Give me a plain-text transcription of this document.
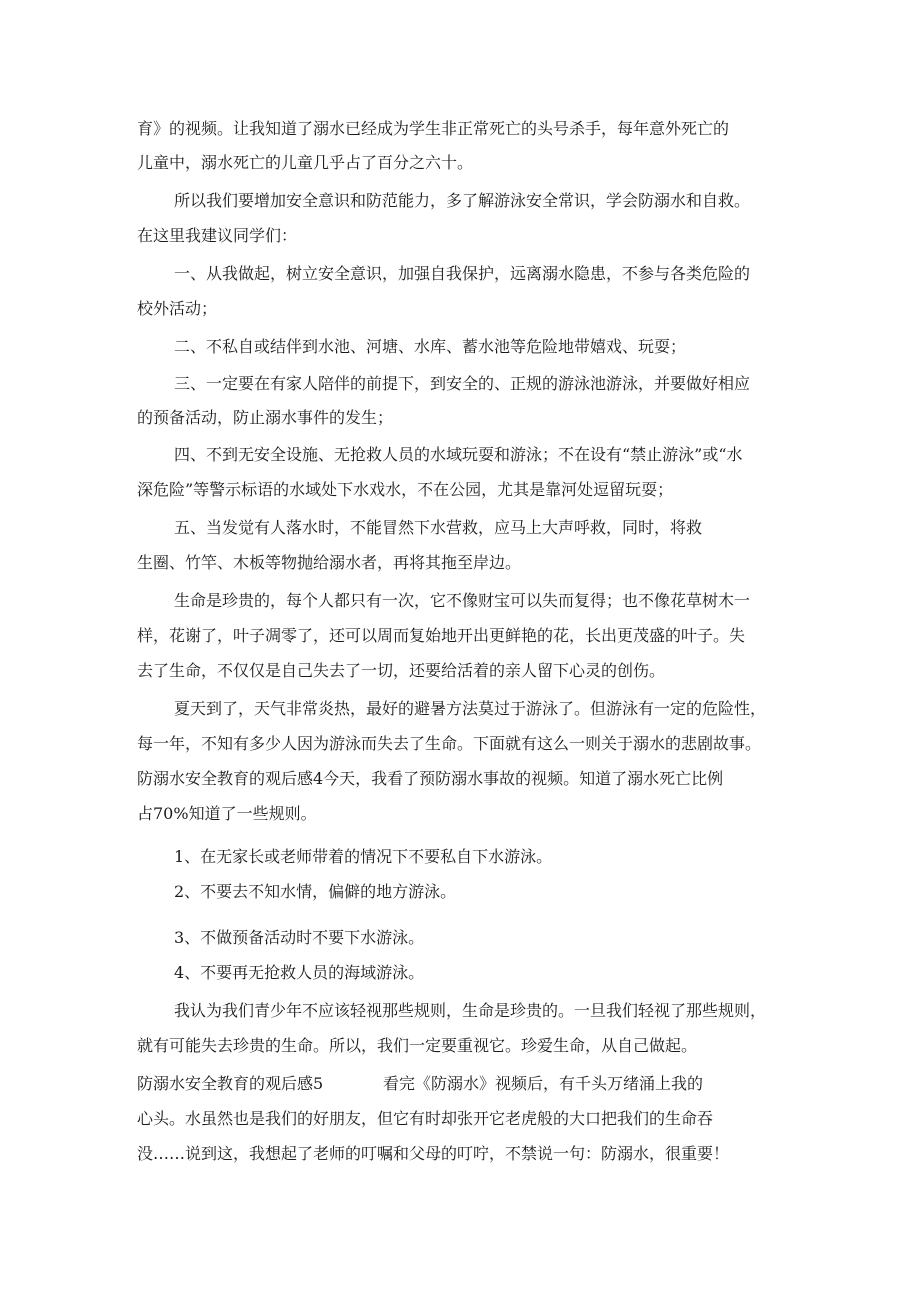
育》的视频。让我知道了溺水已经成为学生非正常死亡的头号杀手，每年意外死亡的
儿童中，溺水死亡的儿童几乎占了百分之六十。
所以我们要增加安全意识和防范能力，多了解游泳安全常识，学会防溺水和自救。
在这里我建议同学们：
一、从我做起，树立安全意识，加强自我保护，远离溺水隐患，不参与各类危险的
校外活动；
二、不私自或结伴到水池、河塘、水库、蓄水池等危险地带嬉戏、玩耍；
三、一定要在有家人陪伴的前提下，到安全的、正规的游泳池游泳，并要做好相应
的预备活动，防止溺水事件的发生；
四、不到无安全设施、无抢救人员的水域玩耍和游泳；不在设有“禁止游泳”或“水
深危险”等警示标语的水域处下水戏水，不在公园，尤其是靠河处逗留玩耍；
五、当发觉有人落水时，不能冒然下水营救，应马上大声呼救，同时，将救
生圈、竹竿、木板等物抛给溺水者，再将其拖至岸边。
生命是珍贵的，每个人都只有一次，它不像财宝可以失而复得；也不像花草树木一
样，花谢了，叶子凋零了，还可以周而复始地开出更鲜艳的花，长出更茂盛的叶子。失
去了生命，不仅仅是自己失去了一切，还要给活着的亲人留下心灵的创伤。
夏天到了，天气非常炎热，最好的避暑方法莫过于游泳了。但游泳有一定的危险性，
每一年，不知有多少人因为游泳而失去了生命。下面就有这么一则关于溺水的悲剧故事。
防溺水安全教育的观后感4今天，我看了预防溺水事故的视频。知道了溺水死亡比例
占70%知道了一些规则。
1、在无家长或老师带着的情况下不要私自下水游泳。
2、不要去不知水情，偏僻的地方游泳。
3、不做预备活动时不要下水游泳。
4、不要再无抢救人员的海域游泳。
我认为我们青少年不应该轻视那些规则，生命是珍贵的。一旦我们轻视了那些规则，
就有可能失去珍贵的生命。所以，我们一定要重视它。珍爱生命，从自己做起。
防溺水安全教育的观后感5	看完《防溺水》视频后，有千头万绪涌上我的
心头。水虽然也是我们的好朋友，但它有时却张开它老虎般的大口把我们的生命吞
没……说到这，我想起了老师的叮嘱和父母的叮咛，不禁说一句：防溺水，很重要！
